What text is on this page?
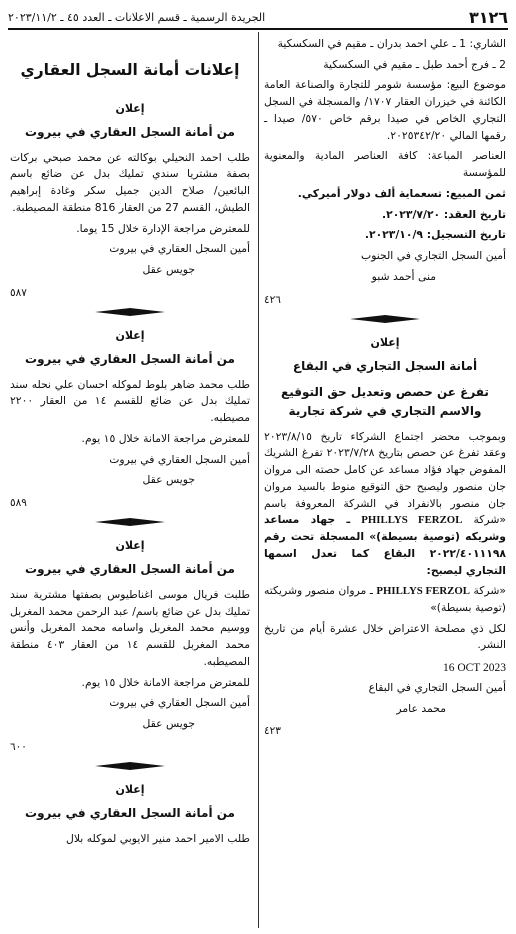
٣١٢٦
الجريدة الرسمية ـ قسم الاعلانات ـ العدد ٤٥ ـ ٢٠٢٣/١١/٢

الشاري: 1 ـ علي احمد بدران ـ مقيم في السكسكية

2 ـ فرج أحمد طبل ـ مقيم في السكسكية

موضوع البيع: مؤسسة شومر للتجارة والصناعة العامة الكائنة في خيزران العقار ١٧٠٧/ والمسجلة في السجل التجاري الخاص في صيدا برقم خاص ٥٧٠/ صيدا ـ رقمها المالي ٢٠٢٥٣٤٢/٢٠.

العناصر المباعة: كافة العناصر المادية والمعنوية للمؤسسة

ثمن المبيع: تسعماية ألف دولار أميركي.

تاريخ العقد: ٢٠٢٣/٧/٢٠.

تاريخ التسجيل: ٢٠٢٣/١٠/٩.

أمين السجل التجاري في الجنوب

منى أحمد شبو

٤٢٦
إعلان
أمانة السجل التجاري في البقاع
تفرغ عن حصص وتعديل حق التوقيع والاسم التجاري في شركة تجارية

وبموجب محضر اجتماع الشركاء تاريخ ٢٠٢٣/٨/١٥ وعقد تفرغ عن حصص بتاريخ ٢٠٢٣/٧/٢٨ تفرغ الشريك المفوض جهاد فؤاد مساعد عن كامل حصته الى مروان جان منصور وليصبح حق التوقيع منوط بالسيد مروان جان منصور بالانفراد في الشركة المعروفة باسم «شركة PHILLYS FERZOL ـ جهاد مساعد وشريكه (توصية بسيطة)» المسجلة تحت رقم ٢٠٢٢/٤٠١١١٩٨ البقاع كما تعدل اسمها التجاري ليصبح:

«شركة PHILLYS FERZOL ـ مروان منصور وشريكته (توصية بسيطة)»

لكل ذي مصلحة الاعتراض خلال عشرة أيام من تاريخ النشر.

16 OCT 2023

أمين السجل التجاري في البقاع

محمد عامر

٤٢٣
إعلانات أمانة السجل العقاري
إعلان
من أمانة السجل العقاري في بيروت

طلب احمد النحيلي بوكالته عن محمد صبحي بركات بصفة مشتريا سندي تمليك بدل عن ضائع باسم البائعين/ صلاح الدين جميل سكر وغادة إبراهيم الطيش، القسم 27 من العقار 816 منطقة المصيطبة.

للمعترض مراجعة الإدارة خلال 15 يوما.

أمين السجل العقاري في بيروت

جويس عقل

٥٨٧
إعلان
من أمانة السجل العقاري في بيروت

طلب محمد ضاهر بلوط لموكله احسان علي نحله سند تمليك بدل عن ضائع للقسم ١٤ من العقار ٢٢٠٠ مصيطبه.

للمعترض مراجعة الامانة خلال ١٥ يوم.

أمين السجل العقاري في بيروت

جويس عقل

٥٨٩
إعلان
من أمانة السجل العقاري في بيروت

طلبت فريال موسى اغناطيوس بصفتها مشترية سند تمليك بدل عن ضائع باسم/ عبد الرحمن محمد المغربل ووسيم محمد المغربل واسامه محمد المغربل وأنس محمد المغربل للقسم ١٤ من العقار ٤٠٣ منطقة المصيطبه.

للمعترض مراجعة الامانة خلال ١٥ يوم.

أمين السجل العقاري في بيروت

جويس عقل

٦٠٠
إعلان
من أمانة السجل العقاري في بيروت

طلب الامير احمد منير الايوبي لموكله بلال
